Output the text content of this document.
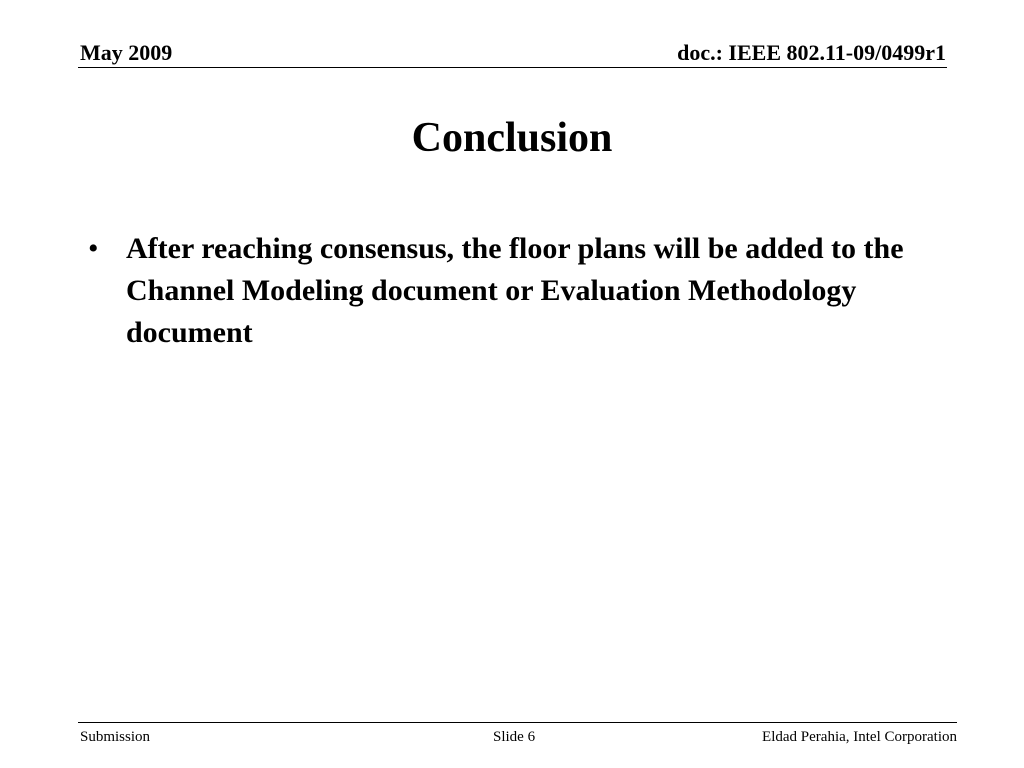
May 2009	doc.: IEEE 802.11-09/0499r1
Conclusion
• After reaching consensus, the floor plans will be added to the Channel Modeling document or Evaluation Methodology document
Submission	Slide 6	Eldad Perahia, Intel Corporation
